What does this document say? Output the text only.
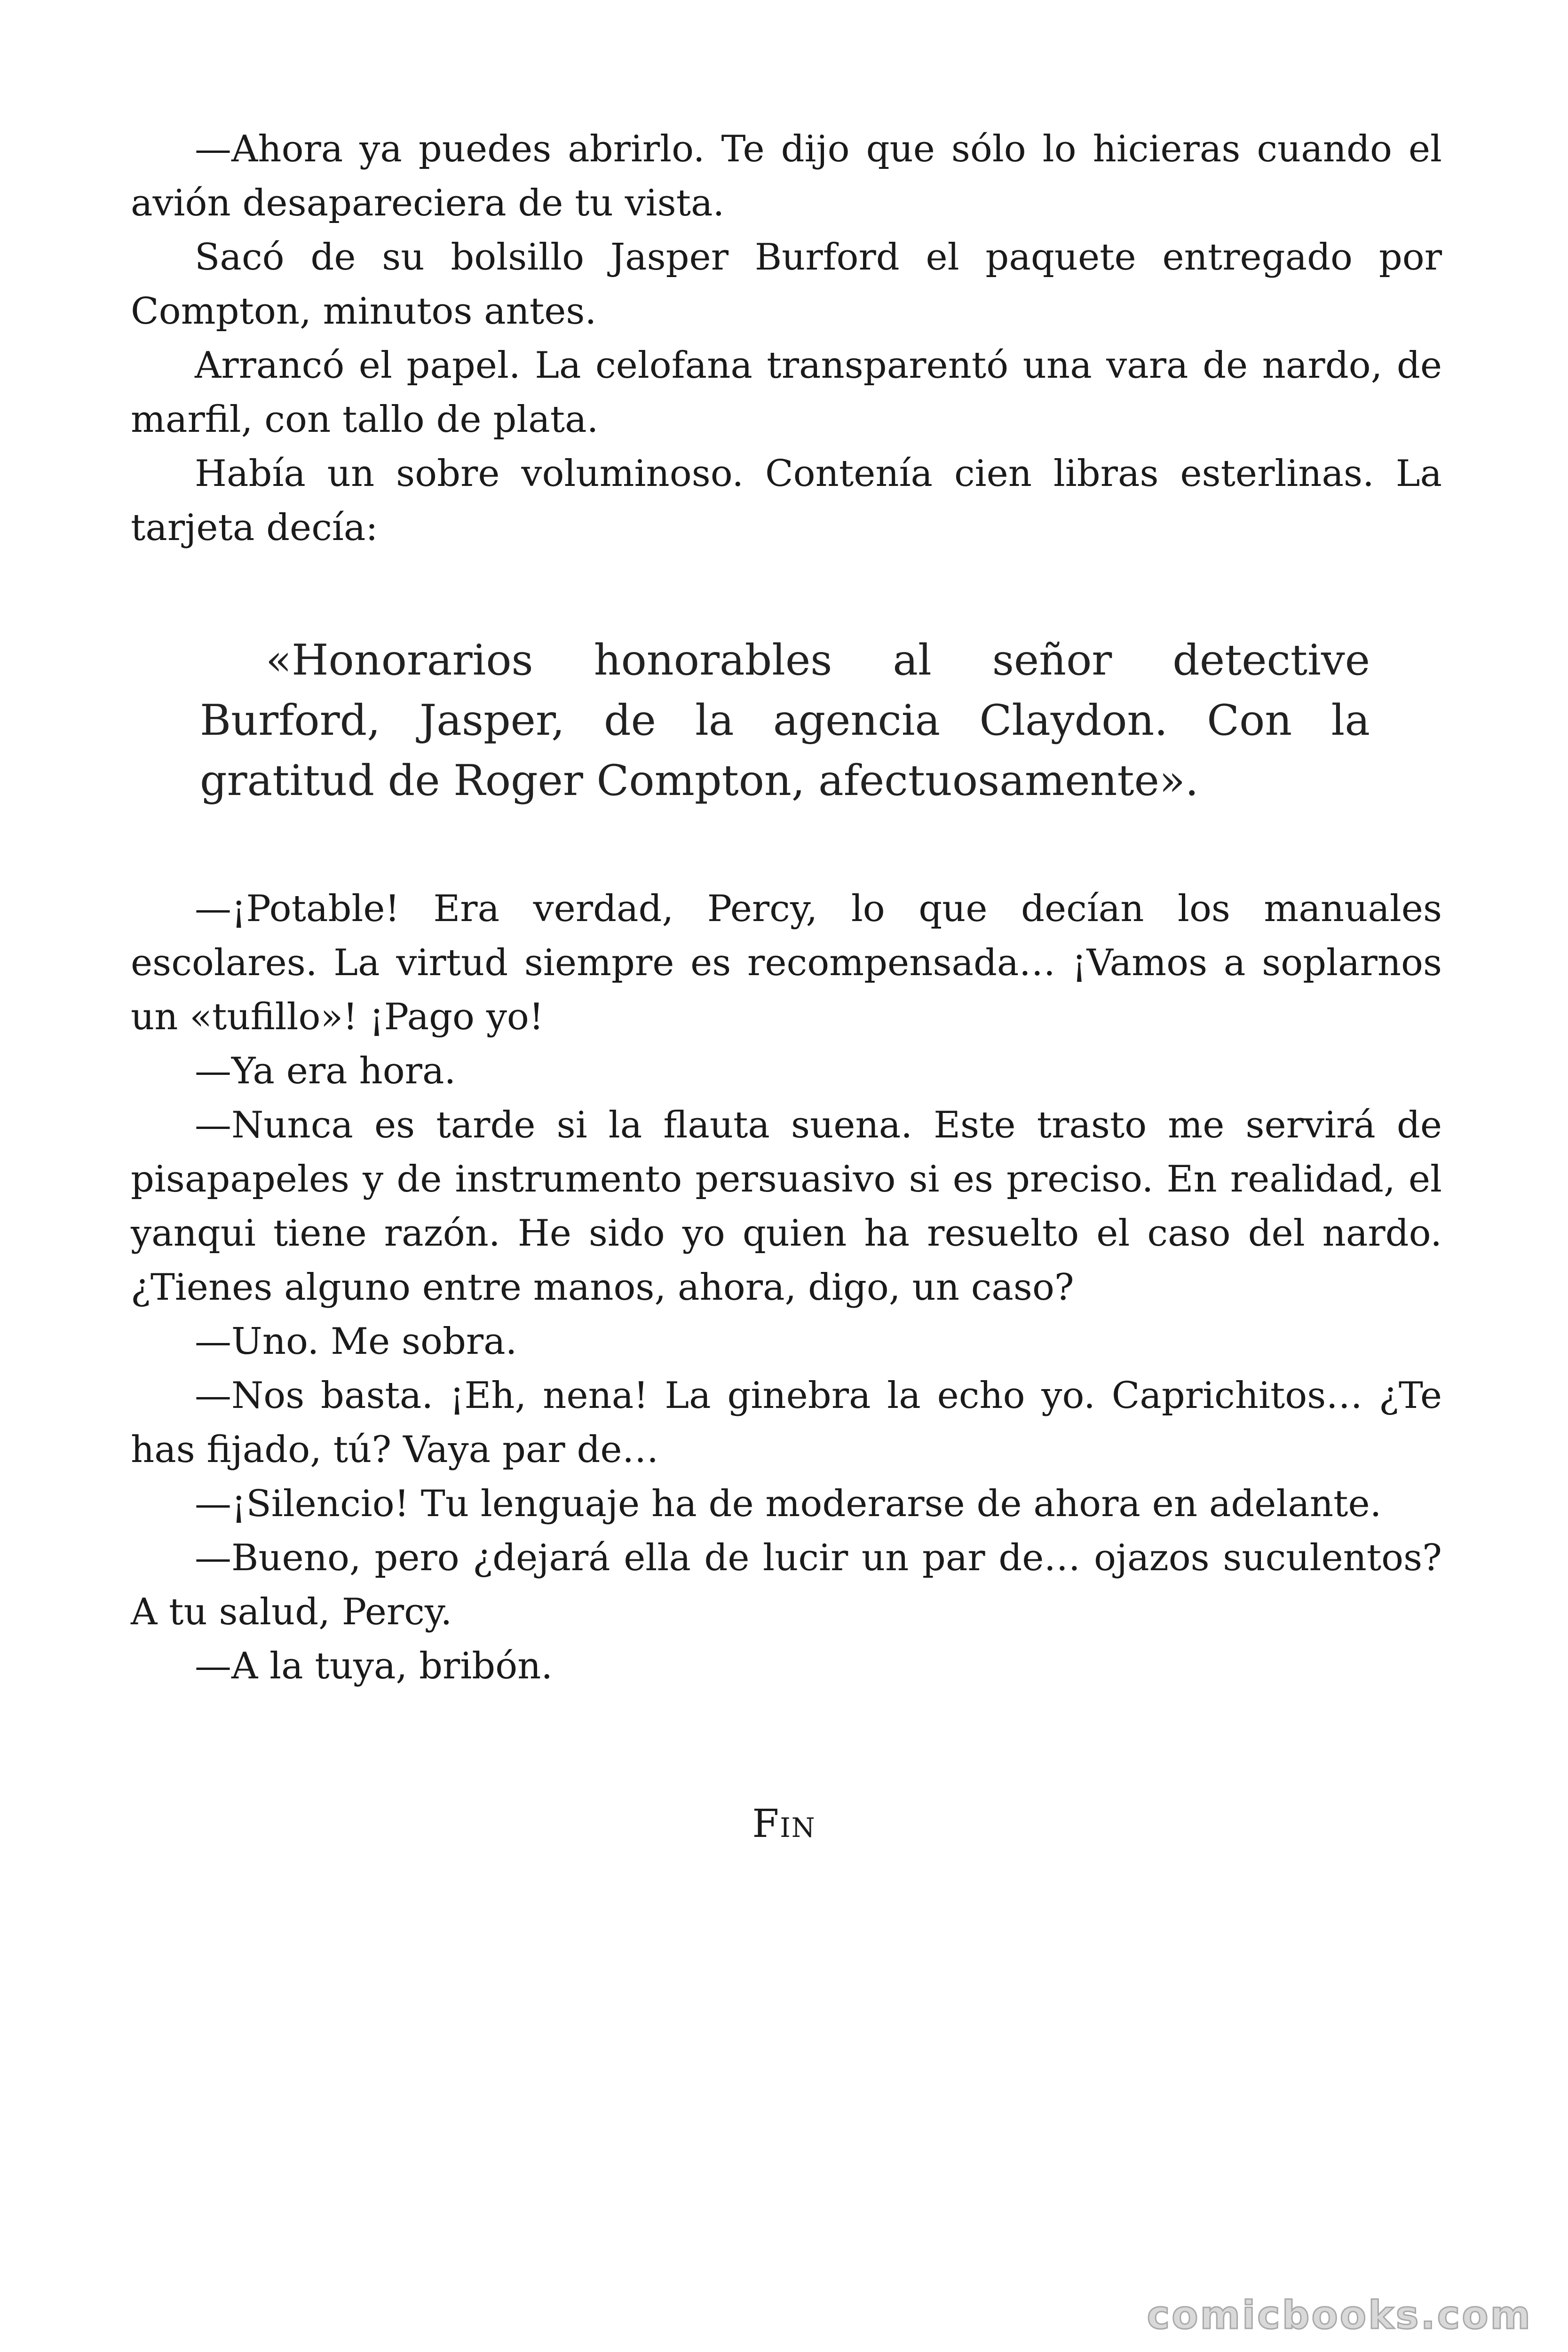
—Ahora ya puedes abrirlo. Te dijo que sólo lo hicieras cuando el avión desapareciera de tu vista.

Sacó de su bolsillo Jasper Burford el paquete entregado por Compton, minutos antes.

Arrancó el papel. La celofana transparentó una vara de nardo, de marfil, con tallo de plata.

Había un sobre voluminoso. Contenía cien libras esterlinas. La tarjeta decía:

«Honorarios honorables al señor detective Burford, Jasper, de la agencia Claydon. Con la gratitud de Roger Compton, afectuosamente».

—¡Potable! Era verdad, Percy, lo que decían los manuales escolares. La virtud siempre es recompensada… ¡Vamos a soplarnos un «tufillo»! ¡Pago yo!

—Ya era hora.

—Nunca es tarde si la flauta suena. Este trasto me servirá de pisapapeles y de instrumento persuasivo si es preciso. En realidad, el yanqui tiene razón. He sido yo quien ha resuelto el caso del nardo. ¿Tienes alguno entre manos, ahora, digo, un caso?

—Uno. Me sobra.

—Nos basta. ¡Eh, nena! La ginebra la echo yo. Caprichitos… ¿Te has fijado, tú? Vaya par de…

—¡Silencio! Tu lenguaje ha de moderarse de ahora en adelante.

—Bueno, pero ¿dejará ella de lucir un par de… ojazos suculentos? A tu salud, Percy.

—A la tuya, bribón.

Fin
comicbooks.com
